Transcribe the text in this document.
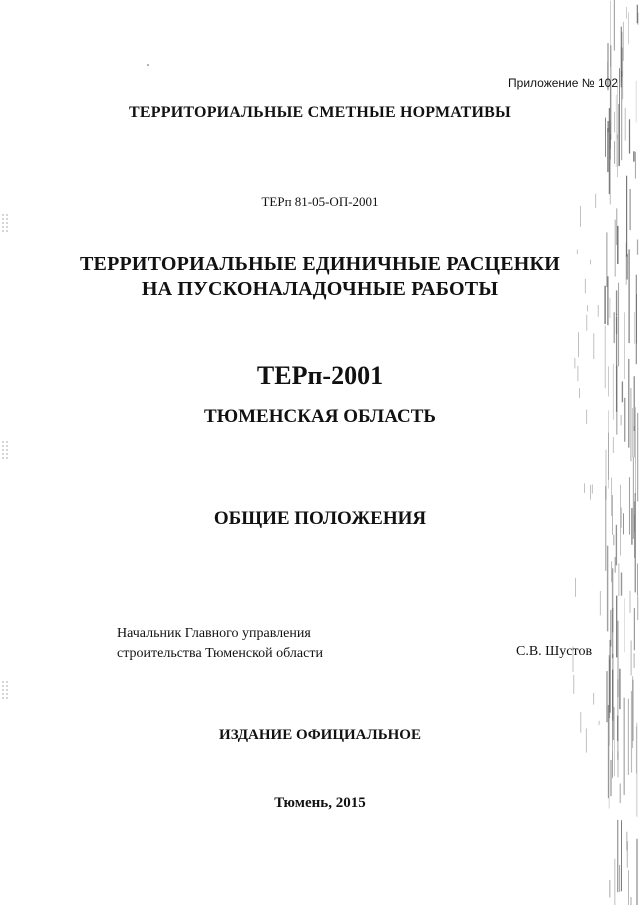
Приложение № 102
ТЕРРИТОРИАЛЬНЫЕ СМЕТНЫЕ НОРМАТИВЫ
ТЕРп 81-05-ОП-2001
ТЕРРИТОРИАЛЬНЫЕ ЕДИНИЧНЫЕ РАСЦЕНКИ
НА ПУСКОНАЛАДОЧНЫЕ РАБОТЫ
ТЕРп-2001
ТЮМЕНСКАЯ ОБЛАСТЬ
ОБЩИЕ ПОЛОЖЕНИЯ
Начальник Главного управления
строительства Тюменской области	С.В. Шустов
ИЗДАНИЕ ОФИЦИАЛЬНОЕ
Тюмень, 2015
